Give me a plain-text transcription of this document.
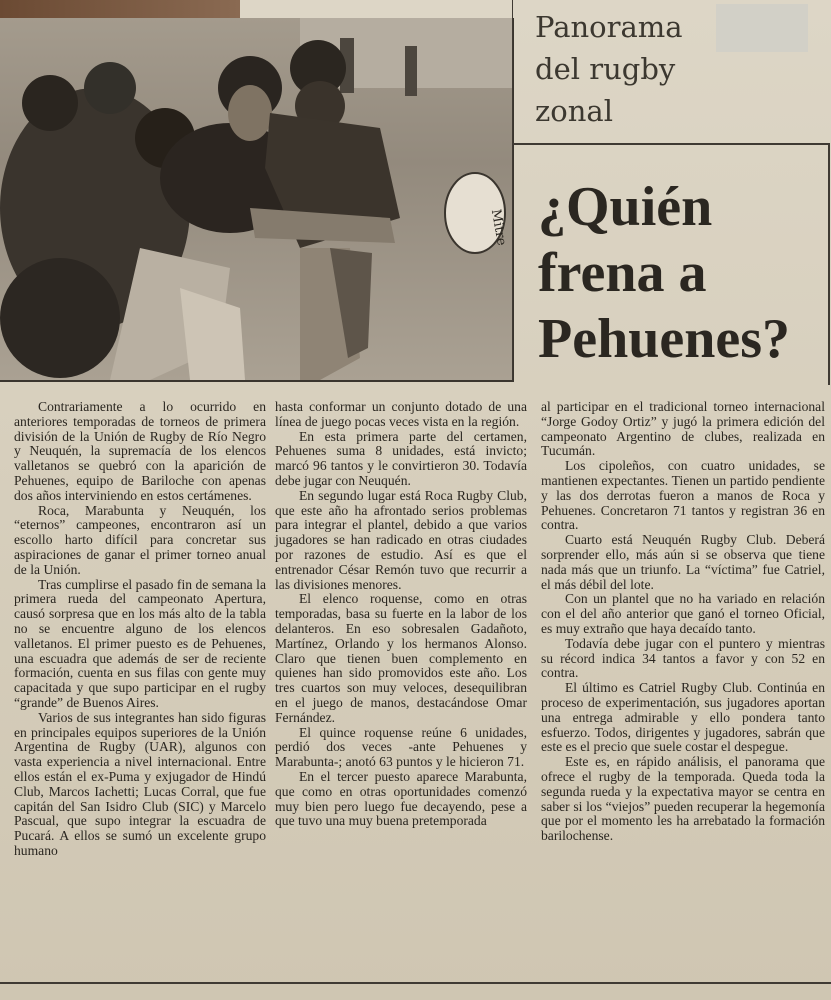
Mitre
Panorama del rugby zonal
¿Quién frena a Pehuenes?

Contrariamente a lo ocurrido en anteriores temporadas de torneos de primera división de la Unión de Rugby de Río Negro y Neuquén, la supremacía de los elencos valletanos se quebró con la aparición de Pehuenes, equipo de Bariloche con apenas dos años interviniendo en estos certámenes.

Roca, Marabunta y Neuquén, los “eternos” campeones, encontraron así un escollo harto difícil para concretar sus aspiraciones de ganar el primer torneo anual de la Unión.

Tras cumplirse el pasado fin de semana la primera rueda del campeonato Apertura, causó sorpresa que en los más alto de la tabla no se encuentre alguno de los elencos valletanos. El primer puesto es de Pehuenes, una escuadra que además de ser de reciente formación, cuenta en sus filas con gente muy capacitada y que supo participar en el rugby “grande” de Buenos Aires.

Varios de sus integrantes han sido figuras en principales equipos superiores de la Unión Argentina de Rugby (UAR), algunos con vasta experiencia a nivel internacional. Entre ellos están el ex-Puma y exjugador de Hindú Club, Marcos Iachetti; Lucas Corral, que fue capitán del San Isidro Club (SIC) y Marcelo Pascual, que supo integrar la escuadra de Pucará. A ellos se sumó un excelente grupo humano

hasta conformar un conjunto dotado de una línea de juego pocas veces vista en la región.

En esta primera parte del certamen, Pehuenes suma 8 unidades, está invicto; marcó 96 tantos y le convirtieron 30. Todavía debe jugar con Neuquén.

En segundo lugar está Roca Rugby Club, que este año ha afrontado serios problemas para integrar el plantel, debido a que varios jugadores se han radicado en otras ciudades por razones de estudio. Así es que el entrenador César Remón tuvo que recurrir a las divisiones menores.

El elenco roquense, como en otras temporadas, basa su fuerte en la labor de los delanteros. En eso sobresalen Gadañoto, Martínez, Orlando y los hermanos Alonso. Claro que tienen buen complemento en quienes han sido promovidos este año. Los tres cuartos son muy veloces, desequilibran en el juego de manos, destacándose Omar Fernández.

El quince roquense reúne 6 unidades, perdió dos veces -ante Pehuenes y Marabunta-; anotó 63 puntos y le hicieron 71.

En el tercer puesto aparece Marabunta, que como en otras oportunidades comenzó muy bien pero luego fue decayendo, pese a que tuvo una muy buena pretemporada

al participar en el tradicional torneo internacional “Jorge Godoy Ortiz” y jugó la primera edición del campeonato Argentino de clubes, realizada en Tucumán.

Los cipoleños, con cuatro unidades, se mantienen expectantes. Tienen un partido pendiente y las dos derrotas fueron a manos de Roca y Pehuenes. Concretaron 71 tantos y registran 36 en contra.

Cuarto está Neuquén Rugby Club. Deberá sorprender ello, más aún si se observa que tiene nada más que un triunfo. La “víctima” fue Catriel, el más débil del lote.

Con un plantel que no ha variado en relación con el del año anterior que ganó el torneo Oficial, es muy extraño que haya decaído tanto.

Todavía debe jugar con el puntero y mientras su récord indica 34 tantos a favor y con 52 en contra.

El último es Catriel Rugby Club. Continúa en proceso de experimentación, sus jugadores aportan una entrega admirable y ello pondera tanto esfuerzo. Todos, dirigentes y jugadores, sabrán que este es el precio que suele costar el despegue.

Este es, en rápido análisis, el panorama que ofrece el rugby de la temporada. Queda toda la segunda rueda y la expectativa mayor se centra en saber si los “viejos” pueden recuperar la hegemonía que por el momento les ha arrebatado la formación barilochense.
